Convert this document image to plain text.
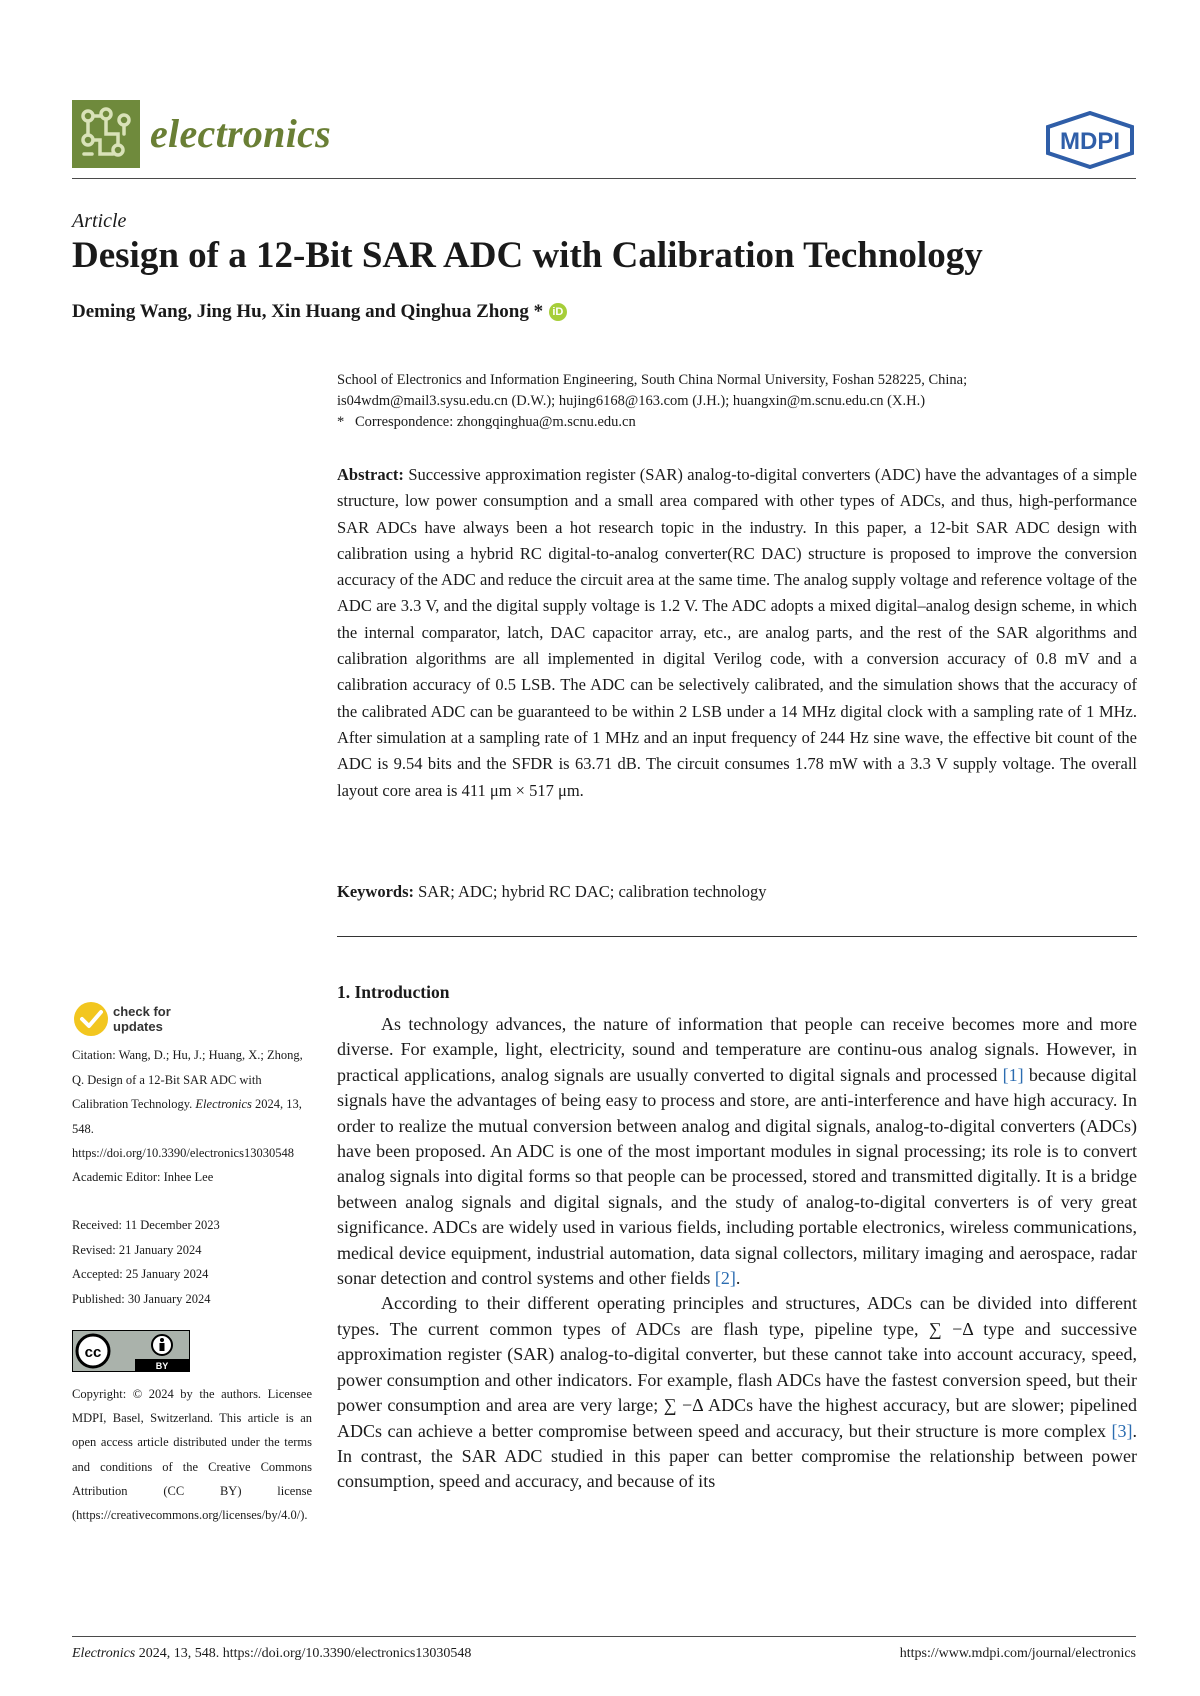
electronics	MDPI
Article
Design of a 12-Bit SAR ADC with Calibration Technology
Deming Wang, Jing Hu, Xin Huang and Qinghua Zhong * iD
School of Electronics and Information Engineering, South China Normal University, Foshan 528225, China;
is04wdm@mail3.sysu.edu.cn (D.W.); hujing6168@163.com (J.H.); huangxin@m.scnu.edu.cn (X.H.)
* Correspondence: zhongqinghua@m.scnu.edu.cn
Abstract: Successive approximation register (SAR) analog-to-digital converters (ADC) have the advantages of a simple structure, low power consumption and a small area compared with other types of ADCs, and thus, high-performance SAR ADCs have always been a hot research topic in the industry. In this paper, a 12-bit SAR ADC design with calibration using a hybrid RC digital-to-analog converter(RC DAC) structure is proposed to improve the conversion accuracy of the ADC and reduce the circuit area at the same time. The analog supply voltage and reference voltage of the ADC are 3.3 V, and the digital supply voltage is 1.2 V. The ADC adopts a mixed digital–analog design scheme, in which the internal comparator, latch, DAC capacitor array, etc., are analog parts, and the rest of the SAR algorithms and calibration algorithms are all implemented in digital Verilog code, with a conversion accuracy of 0.8 mV and a calibration accuracy of 0.5 LSB. The ADC can be selectively calibrated, and the simulation shows that the accuracy of the calibrated ADC can be guaranteed to be within 2 LSB under a 14 MHz digital clock with a sampling rate of 1 MHz. After simulation at a sampling rate of 1 MHz and an input frequency of 244 Hz sine wave, the effective bit count of the ADC is 9.54 bits and the SFDR is 63.71 dB. The circuit consumes 1.78 mW with a 3.3 V supply voltage. The overall layout core area is 411 μm × 517 μm.
Keywords: SAR; ADC; hybrid RC DAC; calibration technology
1. Introduction

As technology advances, the nature of information that people can receive becomes more and more diverse. For example, light, electricity, sound and temperature are continu-ous analog signals. However, in practical applications, analog signals are usually converted to digital signals and processed [1] because digital signals have the advantages of being easy to process and store, are anti-interference and have high accuracy. In order to realize the mutual conversion between analog and digital signals, analog-to-digital converters (ADCs) have been proposed. An ADC is one of the most important modules in signal processing; its role is to convert analog signals into digital forms so that people can be processed, stored and transmitted digitally. It is a bridge between analog signals and digital signals, and the study of analog-to-digital converters is of very great significance. ADCs are widely used in various fields, including portable electronics, wireless communications, medical device equipment, industrial automation, data signal collectors, military imaging and aerospace, radar sonar detection and control systems and other fields [2].

According to their different operating principles and structures, ADCs can be divided into different types. The current common types of ADCs are flash type, pipeline type, ∑ −Δ type and successive approximation register (SAR) analog-to-digital converter, but these cannot take into account accuracy, speed, power consumption and other indicators. For example, flash ADCs have the fastest conversion speed, but their power consumption and area are very large; ∑ −Δ ADCs have the highest accuracy, but are slower; pipelined ADCs can achieve a better compromise between speed and accuracy, but their structure is more complex [3]. In contrast, the SAR ADC studied in this paper can better compromise the relationship between power consumption, speed and accuracy, and because of its

check for
updates
Citation: Wang, D.; Hu, J.; Huang, X.; Zhong, Q. Design of a 12-Bit SAR ADC with Calibration Technology. Electronics 2024, 13, 548. https://doi.org/10.3390/electronics13030548
Academic Editor: Inhee Lee
Received: 11 December 2023
Revised: 21 January 2024
Accepted: 25 January 2024
Published: 30 January 2024
cc
BY
Copyright: © 2024 by the authors. Licensee MDPI, Basel, Switzerland. This article is an open access article distributed under the terms and conditions of the Creative Commons Attribution (CC BY) license (https://creativecommons.org/licenses/by/4.0/).
Electronics 2024, 13, 548. https://doi.org/10.3390/electronics13030548	https://www.mdpi.com/journal/electronics
